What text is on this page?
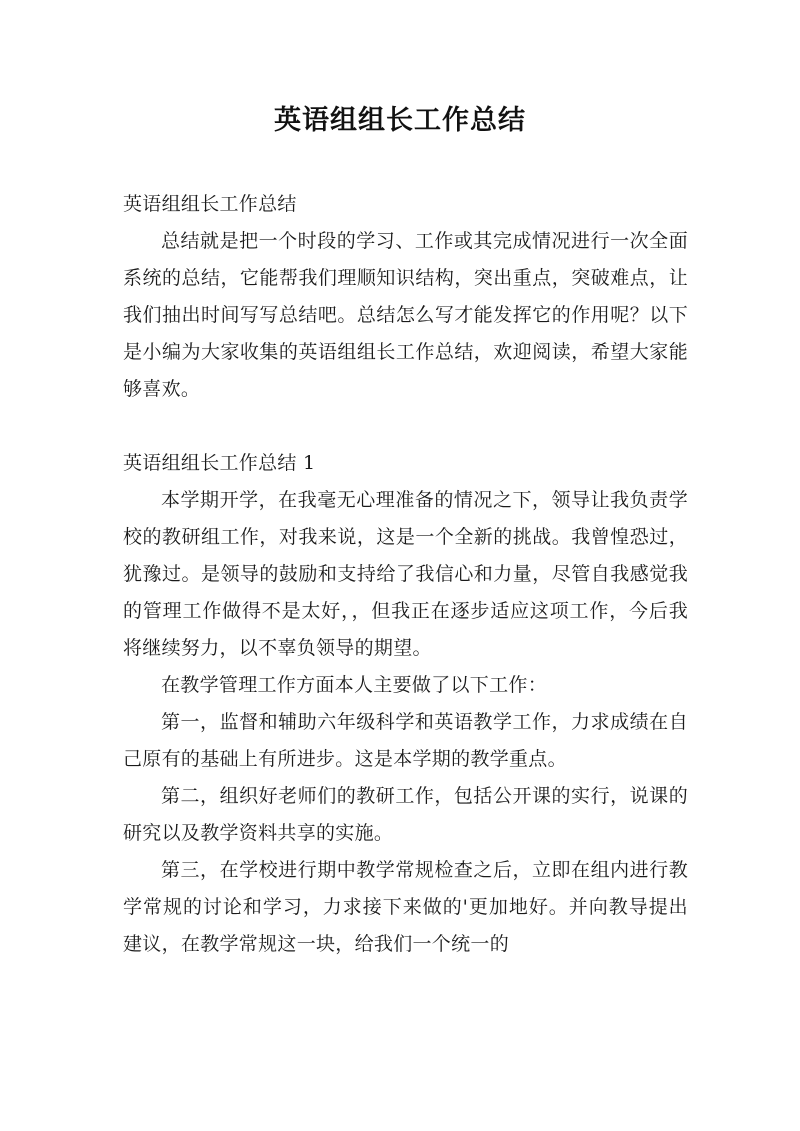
英语组组长工作总结

英语组组长工作总结

总结就是把一个时段的学习、工作或其完成情况进行一次全面系统的总结，它能帮我们理顺知识结构，突出重点，突破难点，让我们抽出时间写写总结吧。总结怎么写才能发挥它的作用呢？以下是小编为大家收集的英语组组长工作总结，欢迎阅读，希望大家能够喜欢。

英语组组长工作总结 1

本学期开学，在我毫无心理准备的情况之下，领导让我负责学校的教研组工作，对我来说，这是一个全新的挑战。我曾惶恐过，犹豫过。是领导的鼓励和支持给了我信心和力量，尽管自我感觉我的管理工作做得不是太好，，但我正在逐步适应这项工作，今后我将继续努力，以不辜负领导的期望。

在教学管理工作方面本人主要做了以下工作：

第一，监督和辅助六年级科学和英语教学工作，力求成绩在自己原有的基础上有所进步。这是本学期的教学重点。

第二，组织好老师们的教研工作，包括公开课的实行，说课的研究以及教学资料共享的实施。

第三，在学校进行期中教学常规检查之后，立即在组内进行教学常规的讨论和学习，力求接下来做的'更加地好。并向教导提出建议，在教学常规这一块，给我们一个统一的
